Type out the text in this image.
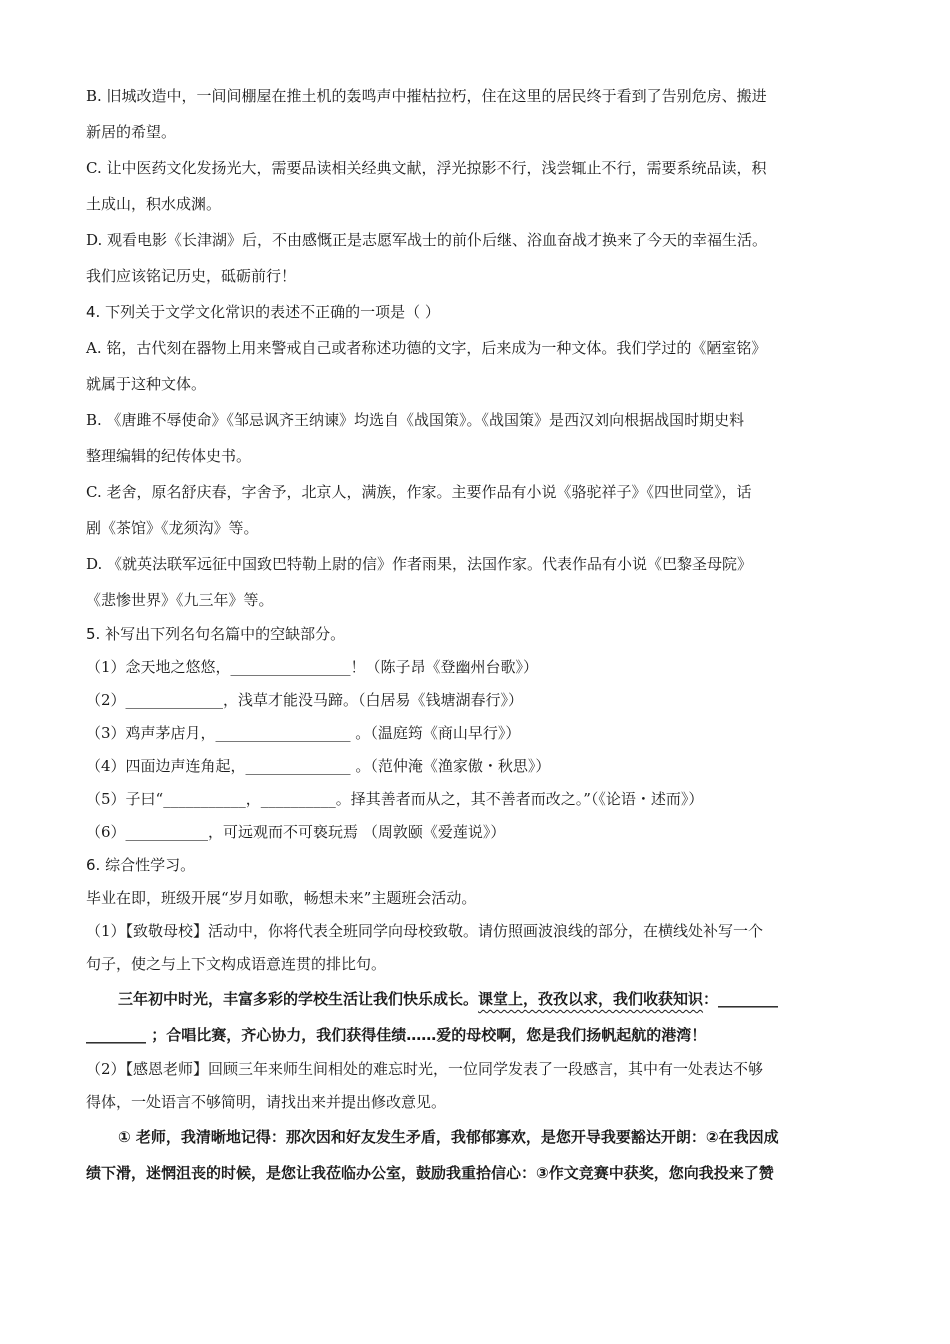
B. 旧城改造中，一间间棚屋在推土机的轰鸣声中摧枯拉朽，住在这里的居民终于看到了告别危房、搬进

新居的希望。

C. 让中医药文化发扬光大，需要品读相关经典文献，浮光掠影不行，浅尝辄止不行，需要系统品读，积

土成山，积水成渊。

D. 观看电影《长津湖》后，不由感慨正是志愿军战士的前仆后继、浴血奋战才换来了今天的幸福生活。

我们应该铭记历史，砥砺前行！

4. 下列关于文学文化常识的表述不正确的一项是（ ）

A. 铭，古代刻在器物上用来警戒自己或者称述功德的文字，后来成为一种文体。我们学过的《陋室铭》

就属于这种文体。

B. 《唐雎不辱使命》《邹忌讽齐王纳谏》均选自《战国策》。《战国策》是西汉刘向根据战国时期史料

整理编辑的纪传体史书。

C. 老舍，原名舒庆春，字舍予，北京人，满族，作家。主要作品有小说《骆驼祥子》《四世同堂》，话

剧《茶馆》《龙须沟》等。

D. 《就英法联军远征中国致巴特勒上尉的信》作者雨果，法国作家。代表作品有小说《巴黎圣母院》

《悲惨世界》《九三年》等。

5. 补写出下列名句名篇中的空缺部分。

（1）念天地之悠悠，________________！（陈子昂《登幽州台歌》）

（2）_____________，浅草才能没马蹄。（白居易《钱塘湖春行》）

（3）鸡声茅店月，__________________ 。（温庭筠《商山早行》）

（4）四面边声连角起，______________ 。（范仲淹《渔家傲・秋思》）

（5）子曰“___________，__________。择其善者而从之，其不善者而改之。”（《论语・述而》）

（6）___________，可远观而不可亵玩焉 （周敦颐《爱莲说》）

6. 综合性学习。

毕业在即，班级开展“岁月如歌，畅想未来”主题班会活动。

（1）【致敬母校】活动中，你将代表全班同学向母校致敬。请仿照画波浪线的部分，在横线处补写一个

句子，使之与上下文构成语意连贯的排比句。

三年初中时光，丰富多彩的学校生活让我们快乐成长。课堂上，孜孜以求，我们收获知识：________

________ ；合唱比赛，齐心协力，我们获得佳绩……爱的母校啊，您是我们扬帆起航的港湾！

（2）【感恩老师】回顾三年来师生间相处的难忘时光，一位同学发表了一段感言，其中有一处表达不够

得体，一处语言不够简明，请找出来并提出修改意见。

① 老师，我清晰地记得：那次因和好友发生矛盾，我郁郁寡欢，是您开导我要豁达开朗：②在我因成

绩下滑，迷惘沮丧的时候，是您让我莅临办公室，鼓励我重拾信心：③作文竞赛中获奖，您向我投来了赞
